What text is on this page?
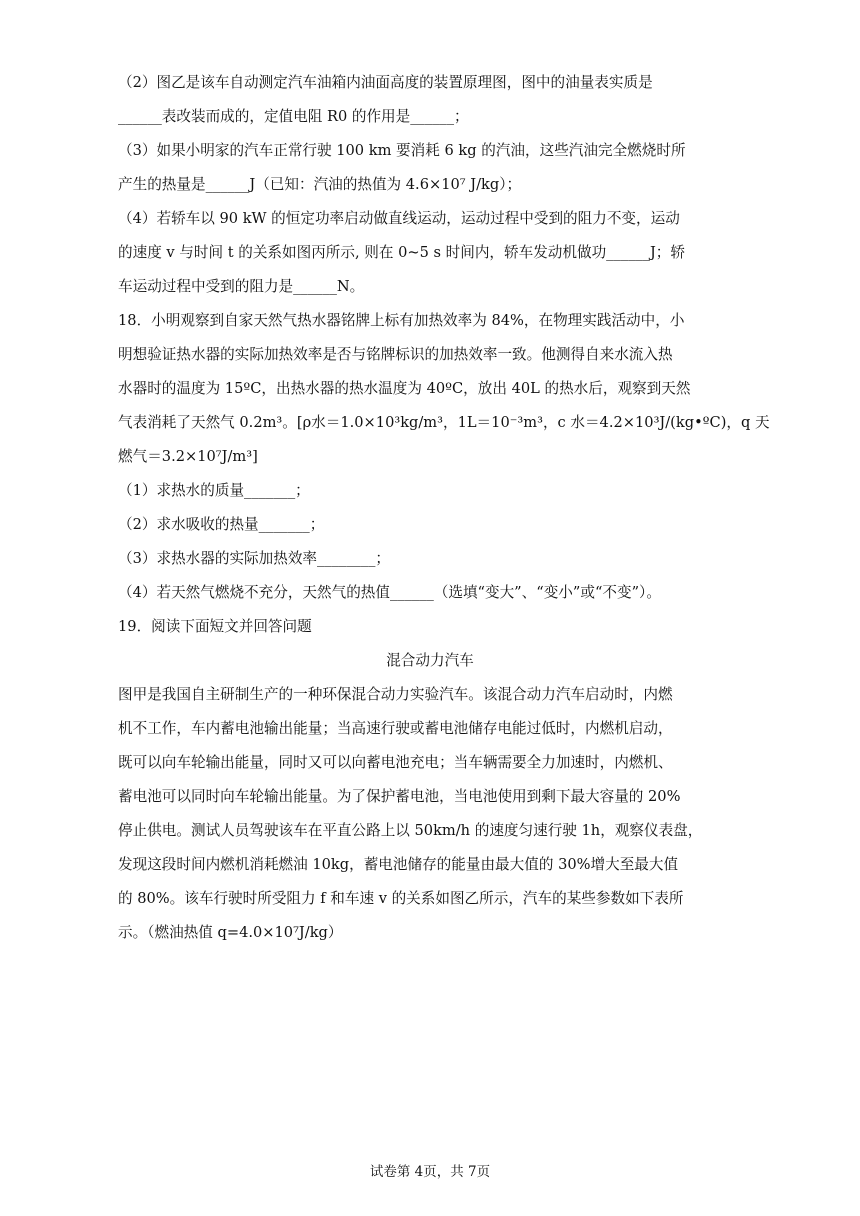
（2）图乙是该车自动测定汽车油箱内油面高度的装置原理图，图中的油量表实质是
______表改装而成的，定值电阻 R0 的作用是______；
（3）如果小明家的汽车正常行驶 100 km 要消耗 6 kg 的汽油，这些汽油完全燃烧时所
产生的热量是______J（已知：汽油的热值为 4.6×10⁷ J/kg）；
（4）若轿车以 90 kW 的恒定功率启动做直线运动，运动过程中受到的阻力不变，运动
的速度 v 与时间 t 的关系如图丙所示, 则在 0~5 s 时间内，轿车发动机做功______J；轿
车运动过程中受到的阻力是______N。
18．小明观察到自家天然气热水器铭牌上标有加热效率为 84%，在物理实践活动中，小
明想验证热水器的实际加热效率是否与铭牌标识的加热效率一致。他测得自来水流入热
水器时的温度为 15ºC，出热水器的热水温度为 40ºC，放出 40L 的热水后，观察到天然
气表消耗了天然气 0.2m³。[ρ水＝1.0×10³kg/m³，1L＝10⁻³m³，c 水＝4.2×10³J/(kg•ºC)，q 天
燃气＝3.2×10⁷J/m³]
（1）求热水的质量_______；
（2）求水吸收的热量_______；
（3）求热水器的实际加热效率________；
（4）若天然气燃烧不充分，天然气的热值______（选填“变大”、“变小”或“不变”）。
19．阅读下面短文并回答问题
混合动力汽车
图甲是我国自主研制生产的一种环保混合动力实验汽车。该混合动力汽车启动时，内燃
机不工作，车内蓄电池输出能量；当高速行驶或蓄电池储存电能过低时，内燃机启动，
既可以向车轮输出能量，同时又可以向蓄电池充电；当车辆需要全力加速时，内燃机、
蓄电池可以同时向车轮输出能量。为了保护蓄电池，当电池使用到剩下最大容量的 20%
停止供电。测试人员驾驶该车在平直公路上以 50km/h 的速度匀速行驶 1h，观察仪表盘，
发现这段时间内燃机消耗燃油 10kg，蓄电池储存的能量由最大值的 30%增大至最大值
的 80%。该车行驶时所受阻力 f 和车速 v 的关系如图乙所示，汽车的某些参数如下表所
示。（燃油热值 q=4.0×10⁷J/kg）
试卷第 4页，共 7页
